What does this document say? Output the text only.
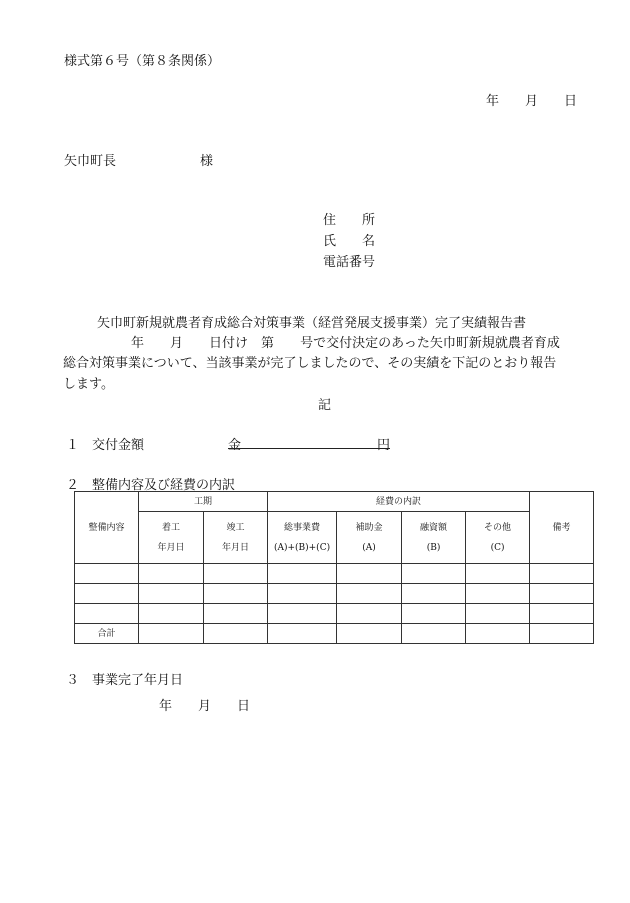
様式第６号（第８条関係）
年 月 日
矢巾町長	様
住　　所
氏　　名
電話番号
矢巾町新規就農者育成総合対策事業（経営発展支援事業）完了実績報告書
年 月 日付け 第 号で交付決定のあった矢巾町新規就農者育成
総合対策事業について、当該事業が完了しましたので、その実績を下記のとおり報告
します。
記
１　交付金額	金	円
２　整備内容及び経費の内訳
整備内容	工期		経費の内訳				備考
	着工	竣工	総事業費	補助金	融資額	その他	
	年月日	年月日	(A)+(B)+(C)	(A)	(B)	(C)	

合計							
３　事業完了年月日
年 月 日
